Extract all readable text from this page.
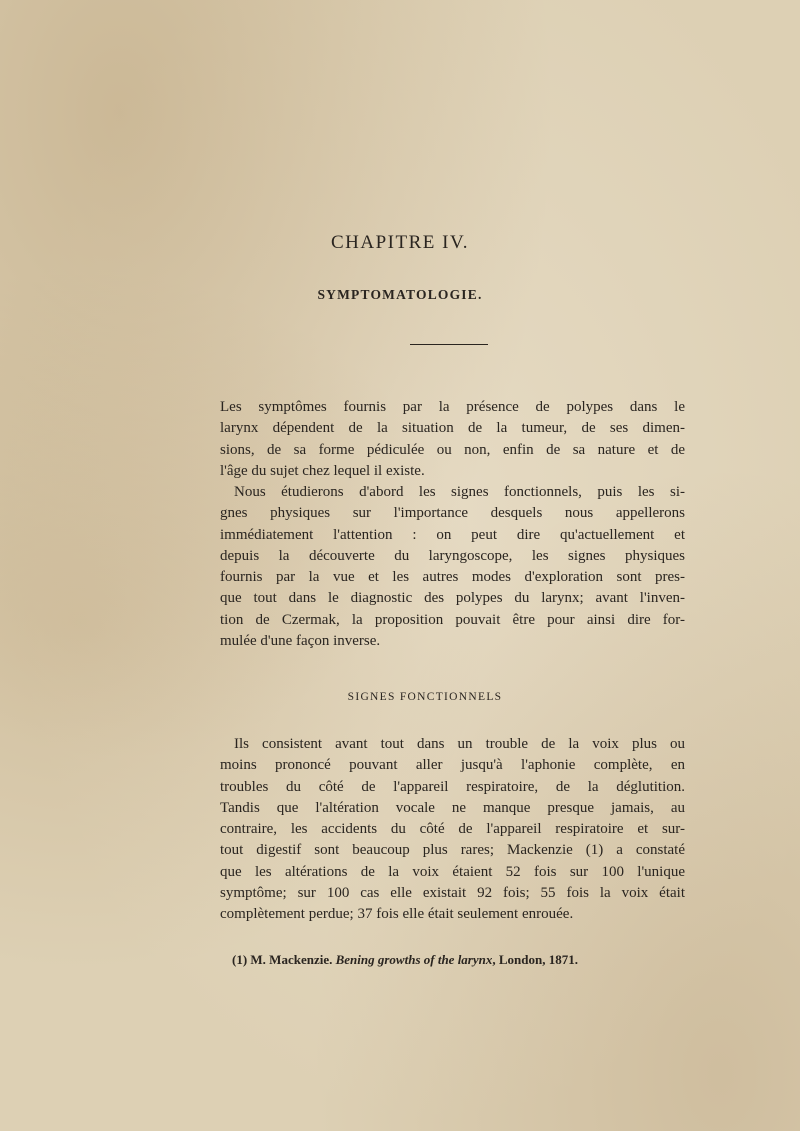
CHAPITRE IV.
SYMPTOMATOLOGIE.
Les symptômes fournis par la présence de polypes dans le
larynx dépendent de la situation de la tumeur, de ses dimen-
sions, de sa forme pédiculée ou non, enfin de sa nature et de
l'âge du sujet chez lequel il existe.
Nous étudierons d'abord les signes fonctionnels, puis les si-
gnes physiques sur l'importance desquels nous appellerons
immédiatement l'attention : on peut dire qu'actuellement et
depuis la découverte du laryngoscope, les signes physiques
fournis par la vue et les autres modes d'exploration sont pres-
que tout dans le diagnostic des polypes du larynx; avant l'inven-
tion de Czermak, la proposition pouvait être pour ainsi dire for-
mulée d'une façon inverse.
SIGNES FONCTIONNELS
Ils consistent avant tout dans un trouble de la voix plus ou
moins prononcé pouvant aller jusqu'à l'aphonie complète, en
troubles du côté de l'appareil respiratoire, de la déglutition.
Tandis que l'altération vocale ne manque presque jamais, au
contraire, les accidents du côté de l'appareil respiratoire et sur-
tout digestif sont beaucoup plus rares; Mackenzie (1) a constaté
que les altérations de la voix étaient 52 fois sur 100 l'unique
symptôme; sur 100 cas elle existait 92 fois; 55 fois la voix était
complètement perdue; 37 fois elle était seulement enrouée.
(1) M. Mackenzie. Bening growths of the larynx, London, 1871.
